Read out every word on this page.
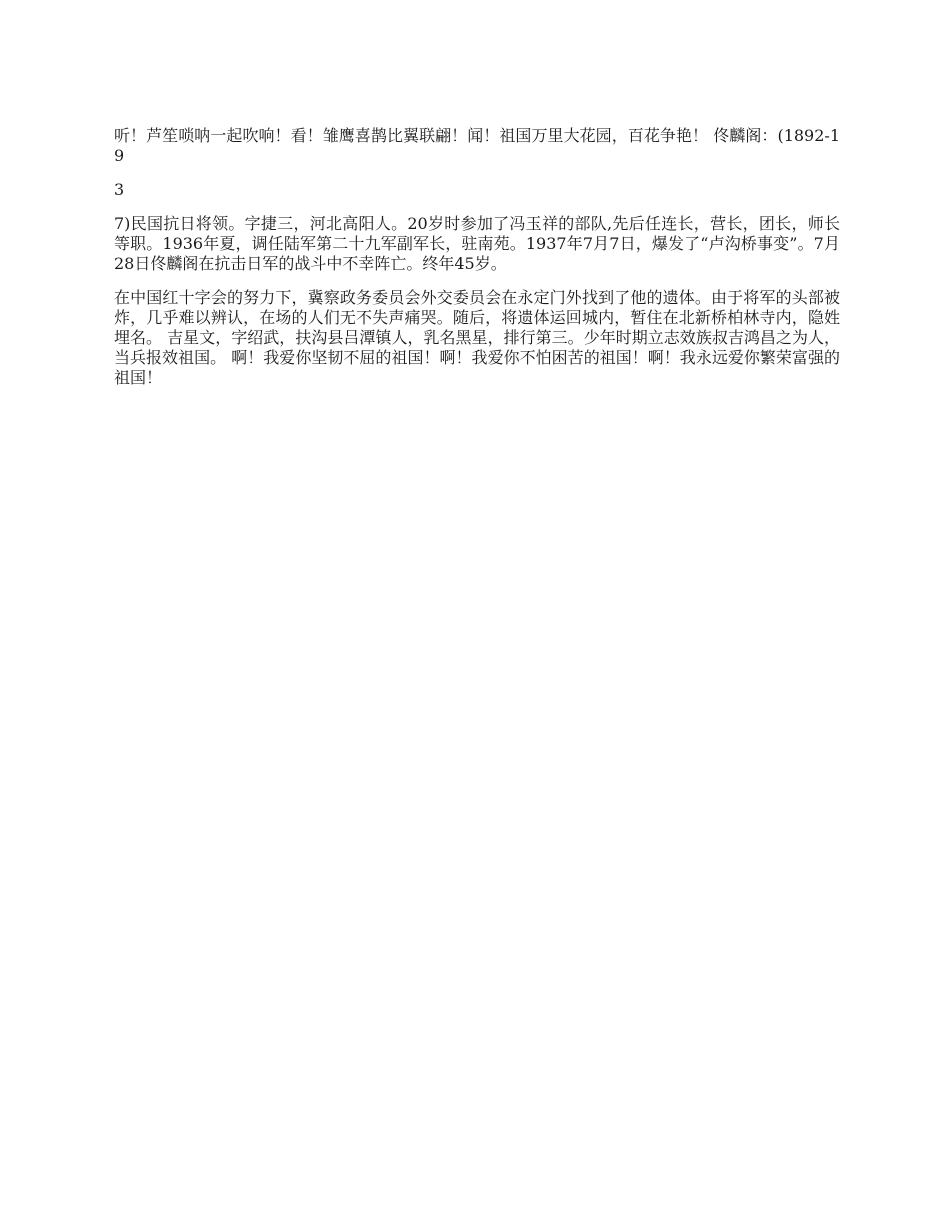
听！芦笙唢呐一起吹响！看！雏鹰喜鹊比翼联翩！闻！祖国万里大花园，百花争艳！ 佟麟阁：(1892-19

3

7)民国抗日将领。字捷三，河北高阳人。20岁时参加了冯玉祥的部队,先后任连长，营长，团长，师长等职。1936年夏，调任陆军第二十九军副军长，驻南苑。1937年7月7日，爆发了“卢沟桥事变”。7月28日佟麟阁在抗击日军的战斗中不幸阵亡。终年45岁。

在中国红十字会的努力下，冀察政务委员会外交委员会在永定门外找到了他的遗体。由于将军的头部被炸，几乎难以辨认，在场的人们无不失声痛哭。随后，将遗体运回城内，暂住在北新桥柏林寺内，隐姓埋名。 吉星文，字绍武，扶沟县吕潭镇人，乳名黑星，排行第三。少年时期立志效族叔吉鸿昌之为人，当兵报效祖国。 啊！我爱你坚韧不屈的祖国！啊！我爱你不怕困苦的祖国！啊！我永远爱你繁荣富强的祖国！
